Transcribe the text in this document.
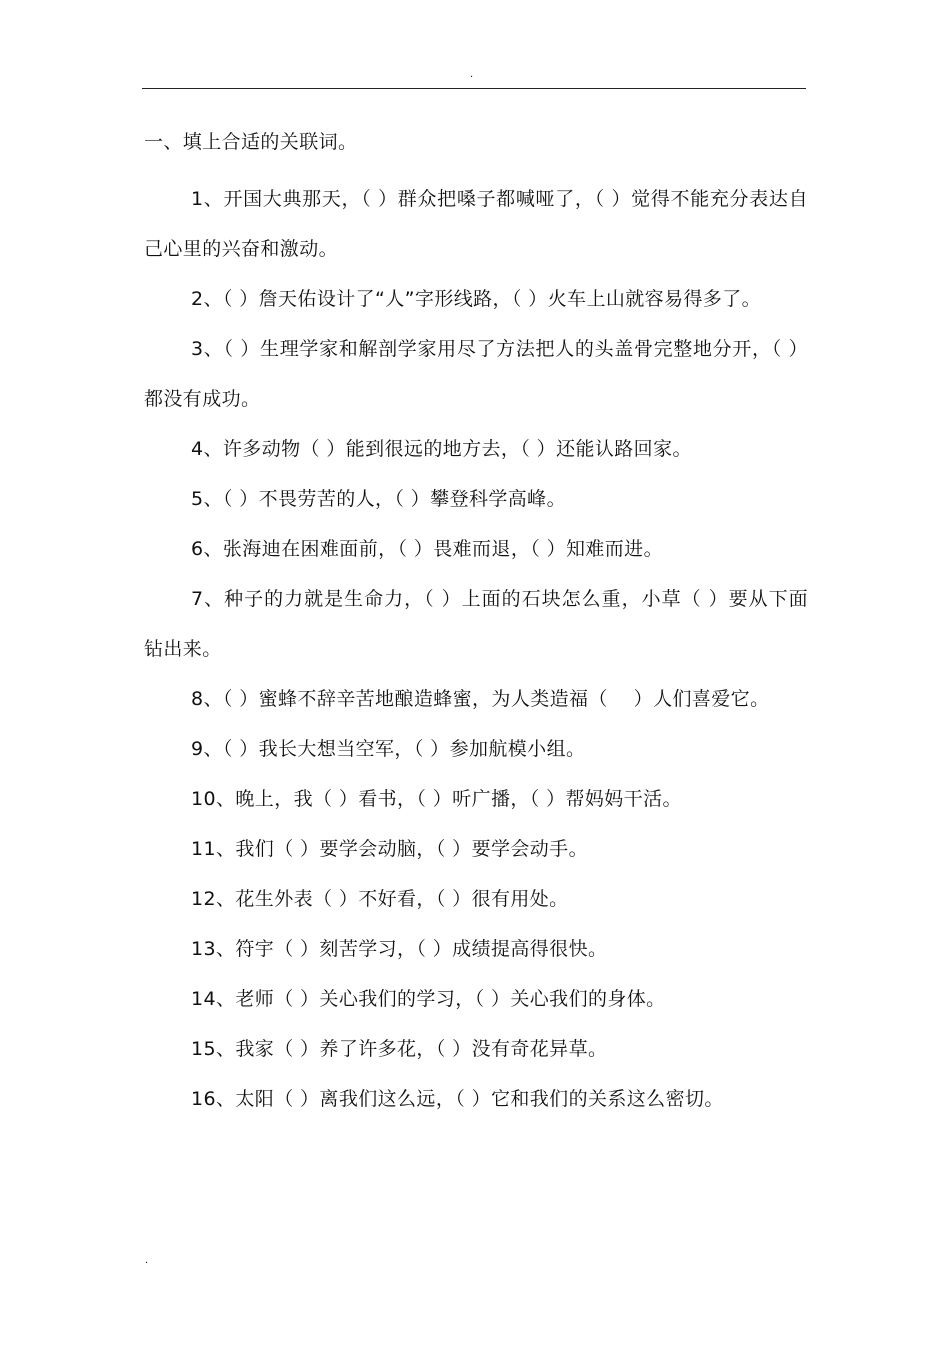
.
一、填上合适的关联词。

1、开国大典那天，（ ）群众把嗓子都喊哑了，（ ）觉得不能充分表达自己心里的兴奋和激动。

2、（ ）詹天佑设计了“人”字形线路，（ ）火车上山就容易得多了。

3、（ ）生理学家和解剖学家用尽了方法把人的头盖骨完整地分开，（ ）都没有成功。

4、许多动物（ ）能到很远的地方去，（ ）还能认路回家。

5、（ ）不畏劳苦的人，（ ）攀登科学高峰。

6、张海迪在困难面前，（ ）畏难而退，（ ）知难而进。

7、种子的力就是生命力，（ ）上面的石块怎么重，小草（ ）要从下面钻出来。

8、（ ）蜜蜂不辞辛苦地酿造蜂蜜，为人类造福（　 ）人们喜爱它。

9、（ ）我长大想当空军，（ ）参加航模小组。

10、晚上，我（ ）看书，（ ）听广播，（ ）帮妈妈干活。

11、我们（ ）要学会动脑，（ ）要学会动手。

12、花生外表（ ）不好看，（ ）很有用处。

13、符宇（ ）刻苦学习，（ ）成绩提高得很快。

14、老师（ ）关心我们的学习，（ ）关心我们的身体。

15、我家（ ）养了许多花，（ ）没有奇花异草。

16、太阳（ ）离我们这么远，（ ）它和我们的关系这么密切。

.
